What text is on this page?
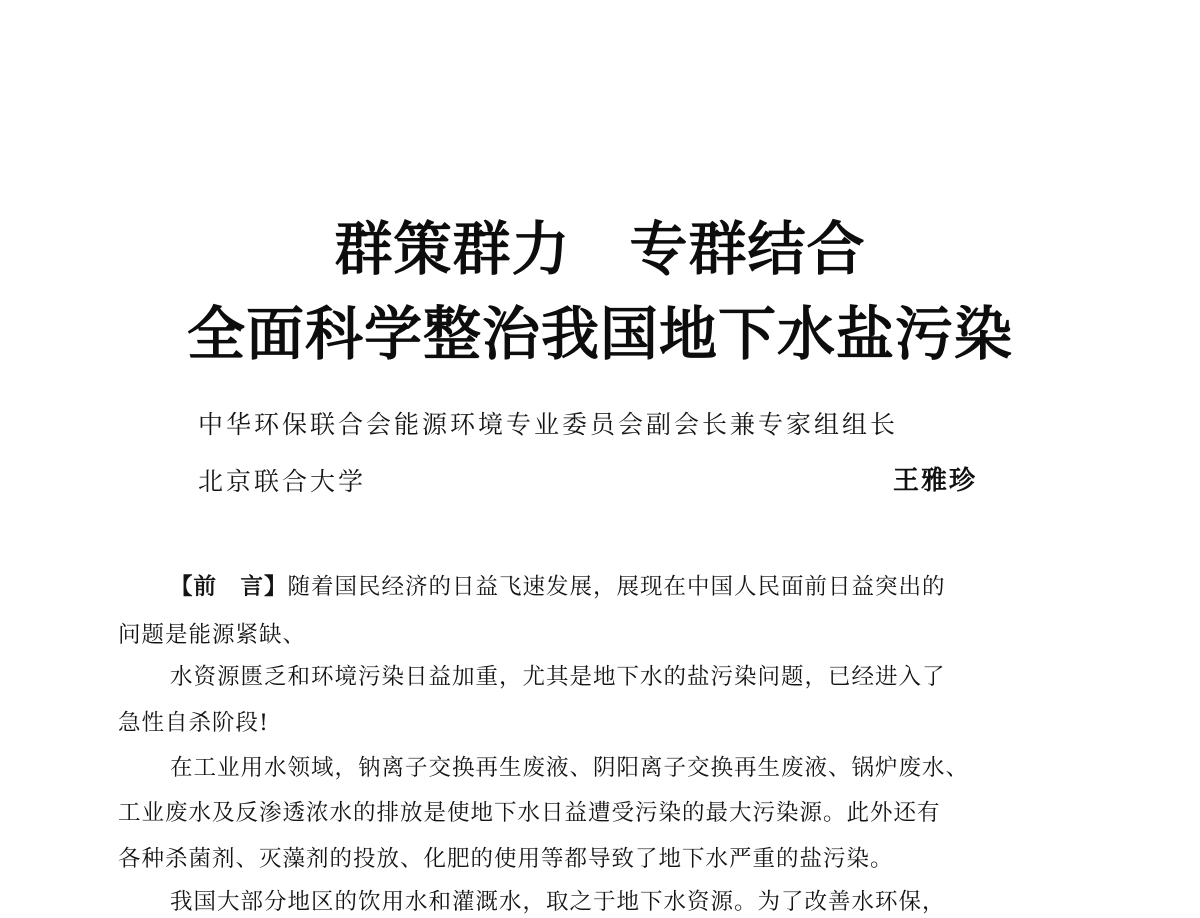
群策群力　专群结合
全面科学整治我国地下水盐污染
中华环保联合会能源环境专业委员会副会长兼专家组组长
北京联合大学	王雅珍
【前　言】随着国民经济的日益飞速发展，展现在中国人民面前日益突出的
问题是能源紧缺、
水资源匮乏和环境污染日益加重，尤其是地下水的盐污染问题，已经进入了
急性自杀阶段!
在工业用水领域，钠离子交换再生废液、阴阳离子交换再生废液、锅炉废水、
工业废水及反渗透浓水的排放是使地下水日益遭受污染的最大污染源。此外还有
各种杀菌剂、灭藻剂的投放、化肥的使用等都导致了地下水严重的盐污染。
我国大部分地区的饮用水和灌溉水，取之于地下水资源。为了改善水环保，
